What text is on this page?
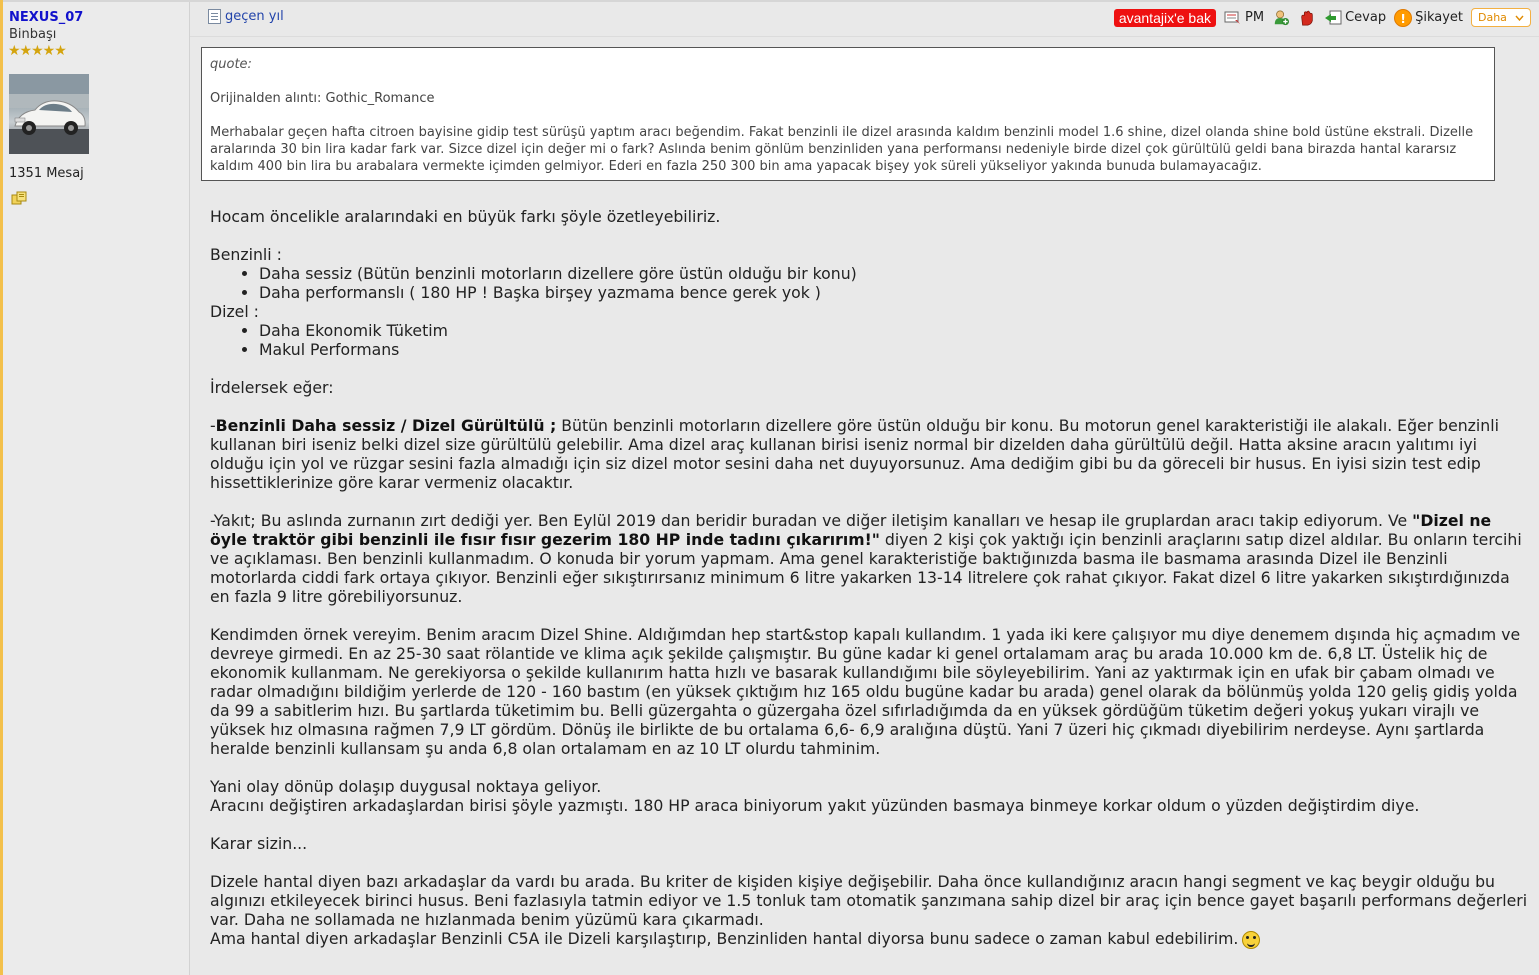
NEXUS_07
Binbaşı
★★★★★
1351 Mesaj
geçen yıl	avantajix'e bak	PM	Cevap	! Şikayet Daha

quote:

Orijinalden alıntı: Gothic_Romance

Merhabalar geçen hafta citroen bayisine gidip test sürüşü yaptım aracı beğendim. Fakat benzinli ile dizel arasında kaldım benzinli model 1.6 shine, dizel olanda shine bold üstüne ekstrali. Dizelle aralarında 30 bin lira kadar fark var. Sizce dizel için değer mi o fark? Aslında benim gönlüm benzinliden yana performansı nedeniyle birde dizel çok gürültülü geldi bana birazda hantal kararsız kaldım 400 bin lira bu arabalara vermekte içimden gelmiyor. Ederi en fazla 250 300 bin ama yapacak bişey yok süreli yükseliyor yakında bunuda bulamayacağız.

Hocam öncelikle aralarındaki en büyük farkı şöyle özetleyebiliriz.

Benzinli :

• Daha sessiz (Bütün benzinli motorların dizellere göre üstün olduğu bir konu)
• Daha performanslı ( 180 HP ! Başka birşey yazmama bence gerek yok )

Dizel :

• Daha Ekonomik Tüketim
• Makul Performans

İrdelersek eğer:

-Benzinli Daha sessiz / Dizel Gürültülü ; Bütün benzinli motorların dizellere göre üstün olduğu bir konu. Bu motorun genel karakteristiği ile alakalı. Eğer benzinli kullanan biri iseniz belki dizel size gürültülü gelebilir. Ama dizel araç kullanan birisi iseniz normal bir dizelden daha gürültülü değil. Hatta aksine aracın yalıtımı iyi olduğu için yol ve rüzgar sesini fazla almadığı için siz dizel motor sesini daha net duyuyorsunuz. Ama dediğim gibi bu da göreceli bir husus. En iyisi sizin test edip hissettiklerinize göre karar vermeniz olacaktır.

-Yakıt; Bu aslında zurnanın zırt dediği yer. Ben Eylül 2019 dan beridir buradan ve diğer iletişim kanalları ve hesap ile gruplardan aracı takip ediyorum. Ve "Dizel ne öyle traktör gibi benzinli ile fısır fısır gezerim 180 HP inde tadını çıkarırım!" diyen 2 kişi çok yaktığı için benzinli araçlarını satıp dizel aldılar. Bu onların tercihi ve açıklaması. Ben benzinli kullanmadım. O konuda bir yorum yapmam. Ama genel karakteristiğe baktığınızda basma ile basmama arasında Dizel ile Benzinli motorlarda ciddi fark ortaya çıkıyor. Benzinli eğer sıkıştırırsanız minimum 6 litre yakarken 13-14 litrelere çok rahat çıkıyor. Fakat dizel 6 litre yakarken sıkıştırdığınızda en fazla 9 litre görebiliyorsunuz.

Kendimden örnek vereyim. Benim aracım Dizel Shine. Aldığımdan hep start&stop kapalı kullandım. 1 yada iki kere çalışıyor mu diye denemem dışında hiç açmadım ve devreye girmedi. En az 25-30 saat rölantide ve klima açık şekilde çalışmıştır. Bu güne kadar ki genel ortalamam araç bu arada 10.000 km de. 6,8 LT. Üstelik hiç de ekonomik kullanmam. Ne gerekiyorsa o şekilde kullanırım hatta hızlı ve basarak kullandığımı bile söyleyebilirim. Yani az yaktırmak için en ufak bir çabam olmadı ve radar olmadığını bildiğim yerlerde de 120 - 160 bastım (en yüksek çıktığım hız 165 oldu bugüne kadar bu arada) genel olarak da bölünmüş yolda 120 geliş gidiş yolda da 99 a sabitlerim hızı. Bu şartlarda tüketimim bu. Belli güzergahta o güzergaha özel sıfırladığımda da en yüksek gördüğüm tüketim değeri yokuş yukarı virajlı ve yüksek hız olmasına rağmen 7,9 LT gördüm. Dönüş ile birlikte de bu ortalama 6,6- 6,9 aralığına düştü. Yani 7 üzeri hiç çıkmadı diyebilirim nerdeyse. Aynı şartlarda heralde benzinli kullansam şu anda 6,8 olan ortalamam en az 10 LT olurdu tahminim.

Yani olay dönüp dolaşıp duygusal noktaya geliyor.

Aracını değiştiren arkadaşlardan birisi şöyle yazmıştı. 180 HP araca biniyorum yakıt yüzünden basmaya binmeye korkar oldum o yüzden değiştirdim diye.

Karar sizin...

Dizele hantal diyen bazı arkadaşlar da vardı bu arada. Bu kriter de kişiden kişiye değişebilir. Daha önce kullandığınız aracın hangi segment ve kaç beygir olduğu bu algınızı etkileyecek birinci husus. Beni fazlasıyla tatmin ediyor ve 1.5 tonluk tam otomatik şanzımana sahip dizel bir araç için bence gayet başarılı performans değerleri var. Daha ne sollamada ne hızlanmada benim yüzümü kara çıkarmadı.

Ama hantal diyen arkadaşlar Benzinli C5A ile Dizeli karşılaştırıp, Benzinliden hantal diyorsa bunu sadece o zaman kabul edebilirim.
